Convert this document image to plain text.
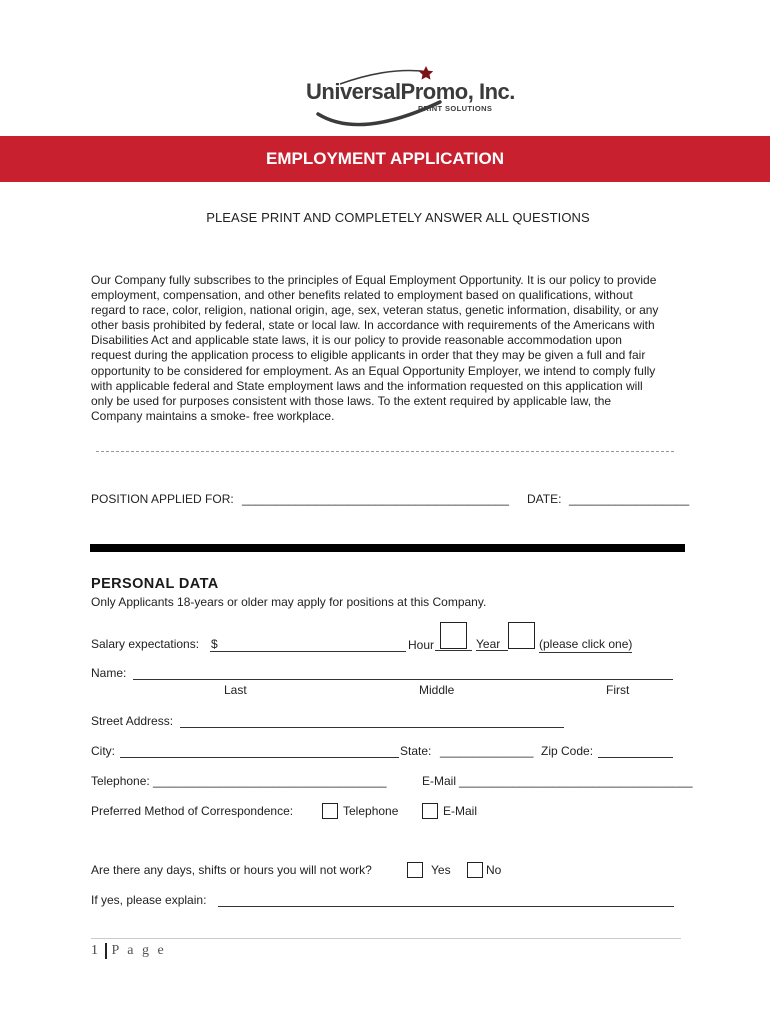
UniversalPromo, Inc.
PRINT SOLUTIONS
EMPLOYMENT APPLICATION
PLEASE PRINT AND COMPLETELY ANSWER ALL QUESTIONS
Our Company fully subscribes to the principles of Equal Employment Opportunity. It is our policy to provide
employment, compensation, and other benefits related to employment based on qualifications, without
regard to race, color, religion, national origin, age, sex, veteran status, genetic information, disability, or any
other basis prohibited by federal, state or local law. In accordance with requirements of the Americans with
Disabilities Act and applicable state laws, it is our policy to provide reasonable accommodation upon
request during the application process to eligible applicants in order that they may be given a full and fair
opportunity to be considered for employment. As an Equal Opportunity Employer, we intend to comply fully
with applicable federal and State employment laws and the information requested on this application will
only be used for purposes consistent with those laws. To the extent required by applicable law, the
Company maintains a smoke- free workplace.
POSITION APPLIED FOR: ________________________________________ DATE: __________________
PERSONAL DATA
Only Applicants 18-years or older may apply for positions at this Company.
Salary expectations: $	Hour	Year	(please click one)
Name:
Last	Middle	First
Street Address:
City:	State: ______________ Zip Code:
Telephone: ___________________________________	E-Mail ___________________________________
Preferred Method of Correspondence:	Telephone	E-Mail
Are there any days, shifts or hours you will not work?	Yes	No
If yes, please explain:
1 P a g e
